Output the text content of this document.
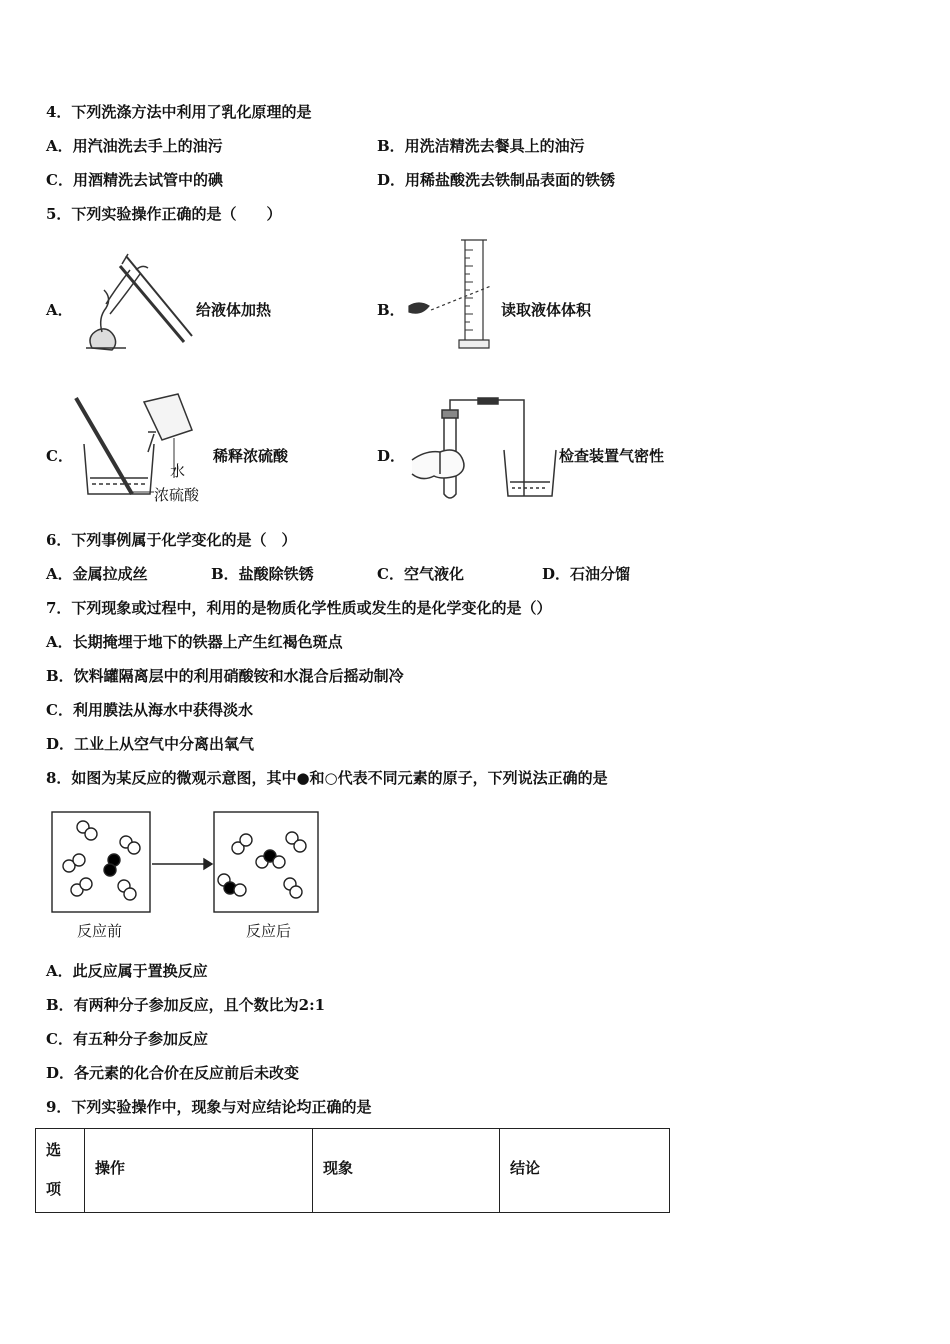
4．下列洗涤方法中利用了乳化原理的是
A．用汽油洗去手上的油污	B．用洗洁精洗去餐具上的油污
C．用酒精洗去试管中的碘	D．用稀盐酸洗去铁制品表面的铁锈
5．下列实验操作正确的是（　　）
A．	给液体加热	B．	读取液体体积
C．
水
浓硫酸
稀释浓硫酸	D．	检查装置气密性
6．下列事例属于化学变化的是（　）
A．金属拉成丝	B．盐酸除铁锈	C．空气液化	D．石油分馏
7．下列现象或过程中，利用的是物质化学性质或发生的是化学变化的是（）
A．长期掩埋于地下的铁器上产生红褐色斑点
B．饮料罐隔离层中的利用硝酸铵和水混合后摇动制冷
C．利用膜法从海水中获得淡水
D．工业上从空气中分离出氧气
8．如图为某反应的微观示意图，其中●和○代表不同元素的原子，下列说法正确的是
反应前	反应后
A．此反应属于置换反应
B．有两种分子参加反应，且个数比为2:1
C．有五种分子参加反应
D．各元素的化合价在反应前后未改变
9．下列实验操作中，现象与对应结论均正确的是
选
项

操作	现象	结论
